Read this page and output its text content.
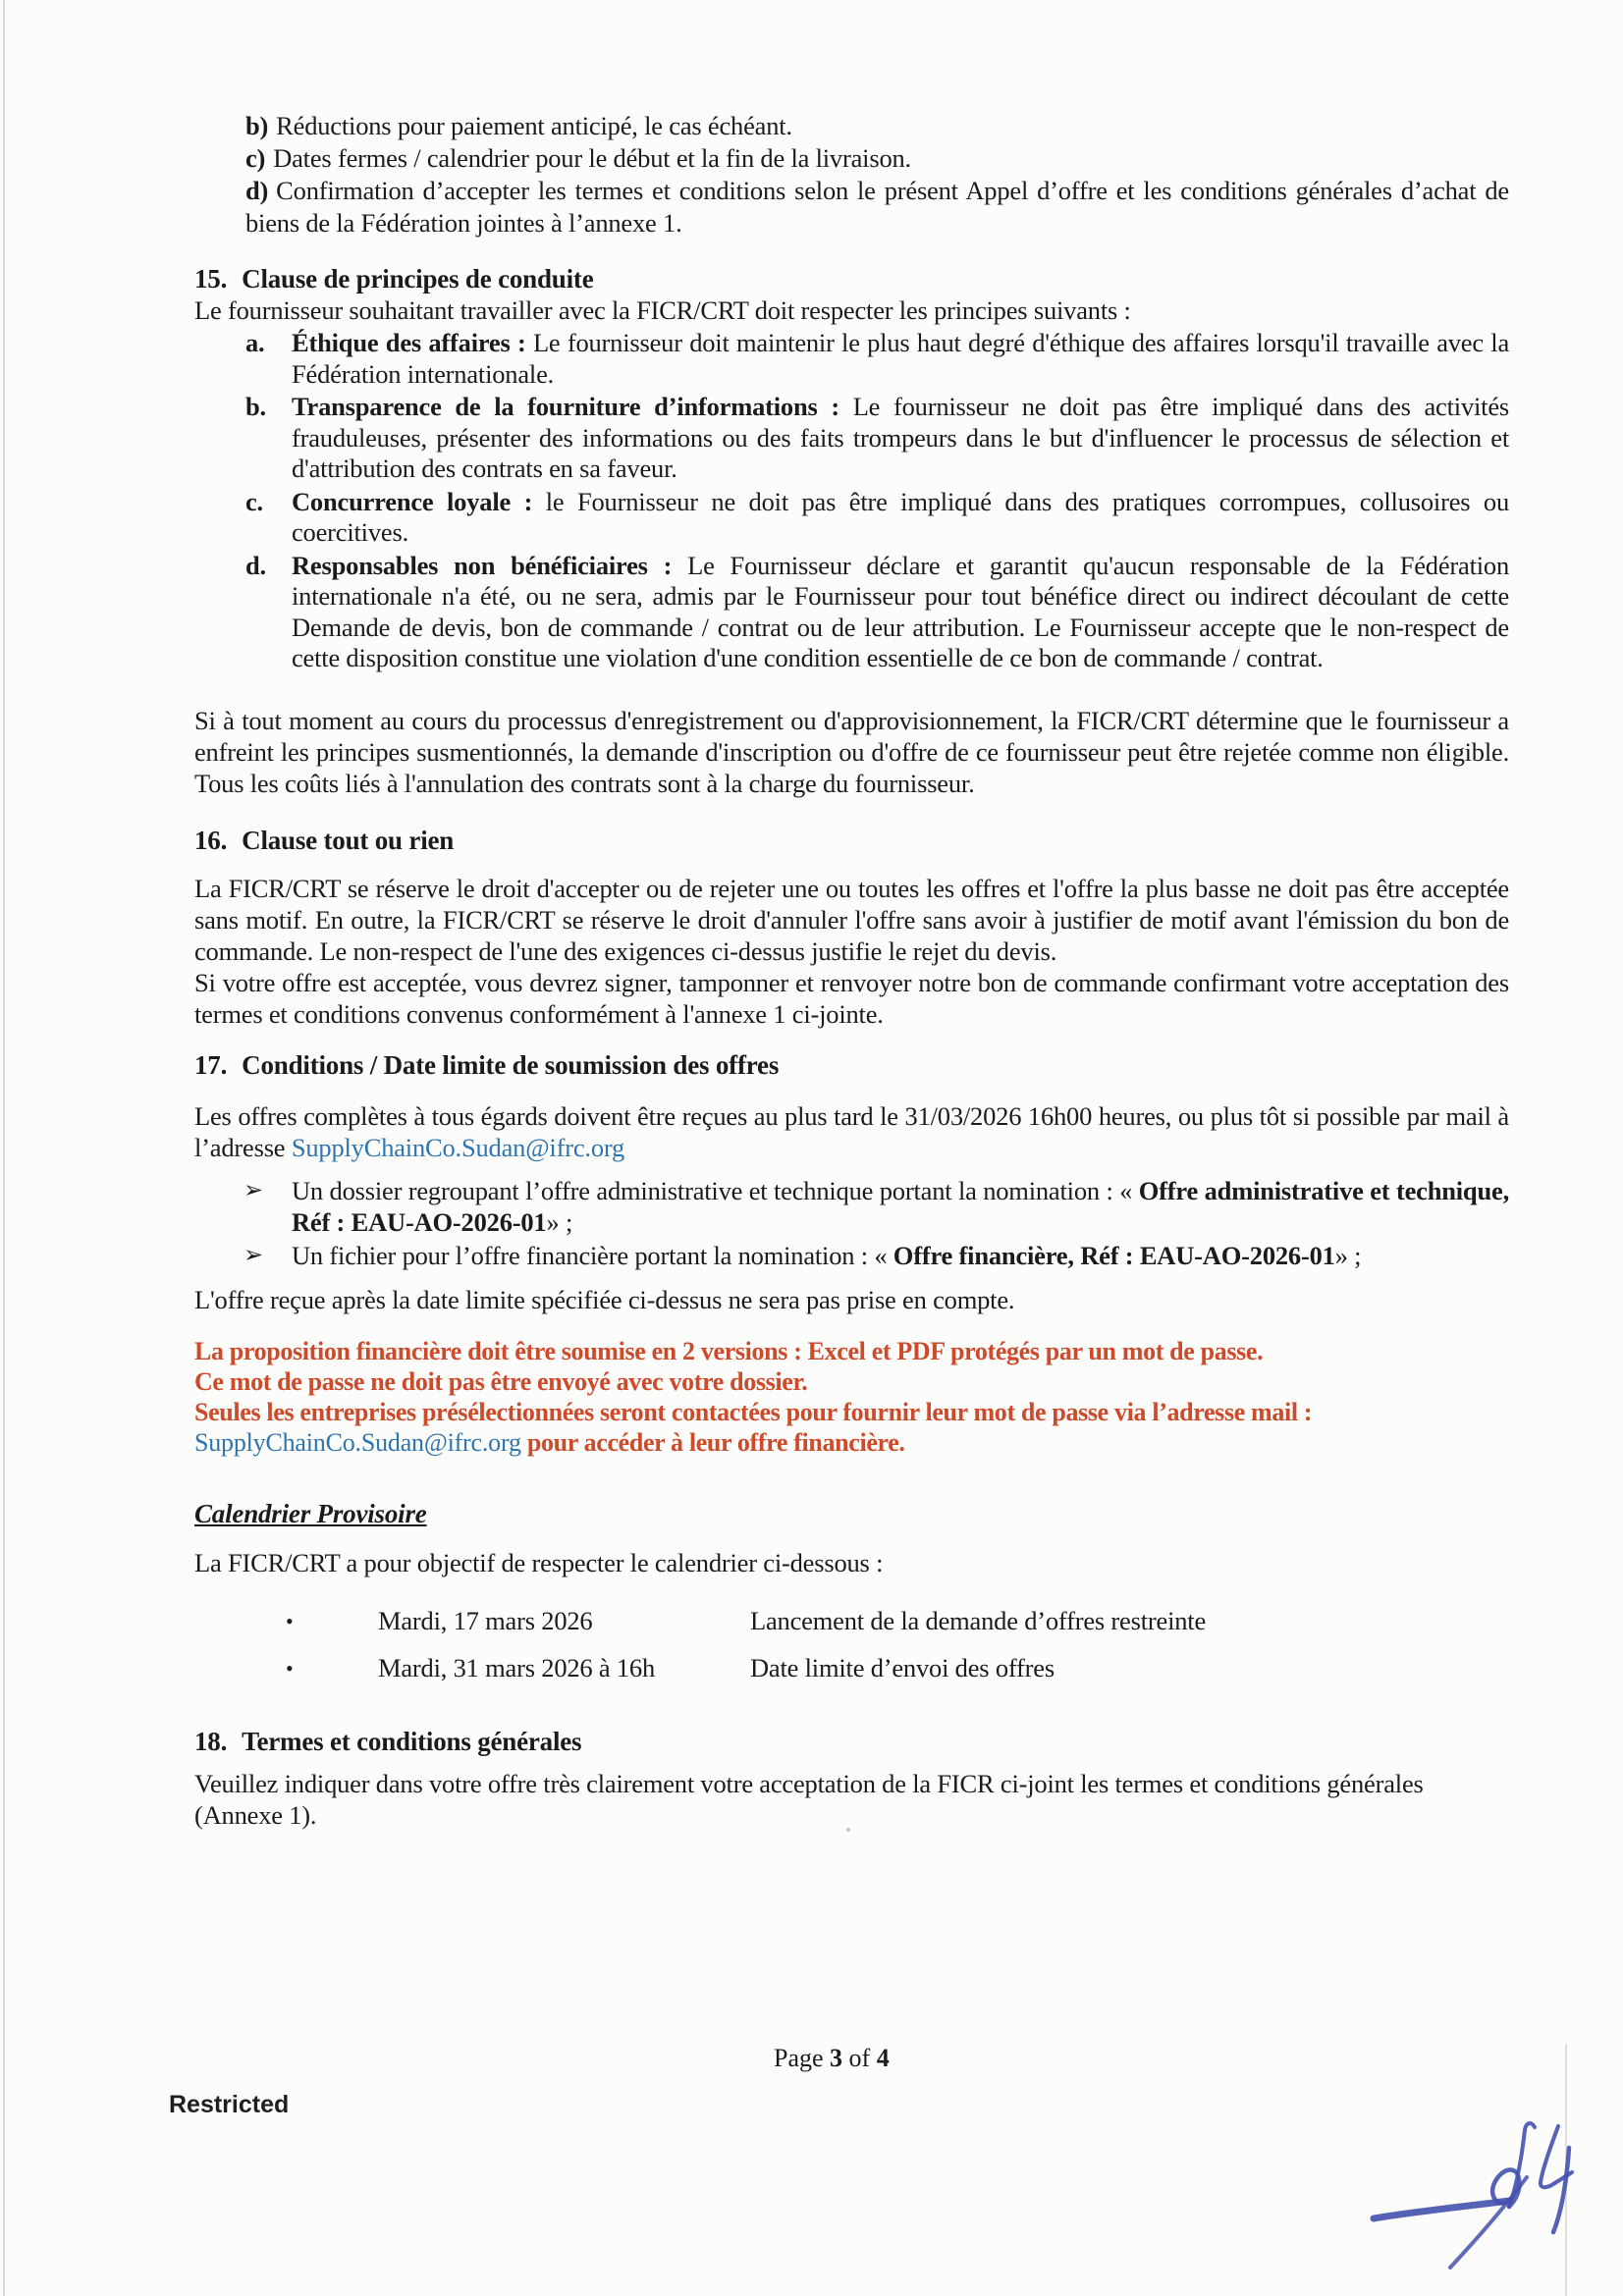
b) Réductions pour paiement anticipé, le cas échéant.
c) Dates fermes / calendrier pour le début et la fin de la livraison.
d) Confirmation d’accepter les termes et conditions selon le présent Appel d’offre et les conditions générales d’achat de biens de la Fédération jointes à l’annexe 1.
15. Clause de principes de conduite

Le fournisseur souhaitant travailler avec la FICR/CRT doit respecter les principes suivants :

a. Éthique des affaires : Le fournisseur doit maintenir le plus haut degré d'éthique des affaires lorsqu'il travaille avec la Fédération internationale.
b. Transparence de la fourniture d’informations : Le fournisseur ne doit pas être impliqué dans des activités frauduleuses, présenter des informations ou des faits trompeurs dans le but d'influencer le processus de sélection et d'attribution des contrats en sa faveur.
c. Concurrence loyale : le Fournisseur ne doit pas être impliqué dans des pratiques corrompues, collusoires ou coercitives.
d. Responsables non bénéficiaires : Le Fournisseur déclare et garantit qu'aucun responsable de la Fédération internationale n'a été, ou ne sera, admis par le Fournisseur pour tout bénéfice direct ou indirect découlant de cette Demande de devis, bon de commande / contrat ou de leur attribution. Le Fournisseur accepte que le non-respect de cette disposition constitue une violation d'une condition essentielle de ce bon de commande / contrat.

Si à tout moment au cours du processus d'enregistrement ou d'approvisionnement, la FICR/CRT détermine que le fournisseur a enfreint les principes susmentionnés, la demande d'inscription ou d'offre de ce fournisseur peut être rejetée comme non éligible. Tous les coûts liés à l'annulation des contrats sont à la charge du fournisseur.

16. Clause tout ou rien

La FICR/CRT se réserve le droit d'accepter ou de rejeter une ou toutes les offres et l'offre la plus basse ne doit pas être acceptée sans motif. En outre, la FICR/CRT se réserve le droit d'annuler l'offre sans avoir à justifier de motif avant l'émission du bon de commande. Le non-respect de l'une des exigences ci-dessus justifie le rejet du devis.

Si votre offre est acceptée, vous devrez signer, tamponner et renvoyer notre bon de commande confirmant votre acceptation des termes et conditions convenus conformément à l'annexe 1 ci-jointe.

17. Conditions / Date limite de soumission des offres

Les offres complètes à tous égards doivent être reçues au plus tard le 31/03/2026 16h00 heures, ou plus tôt si possible par mail à l’adresse SupplyChainCo.Sudan@ifrc.org

➢ Un dossier regroupant l’offre administrative et technique portant la nomination : « Offre administrative et technique, Réf : EAU-AO-2026-01» ;
➢ Un fichier pour l’offre financière portant la nomination : « Offre financière, Réf : EAU-AO-2026-01» ;

L'offre reçue après la date limite spécifiée ci-dessus ne sera pas prise en compte.

La proposition financière doit être soumise en 2 versions : Excel et PDF protégés par un mot de passe.
Ce mot de passe ne doit pas être envoyé avec votre dossier.
Seules les entreprises présélectionnées seront contactées pour fournir leur mot de passe via l’adresse mail :
SupplyChainCo.Sudan@ifrc.org pour accéder à leur offre financière.
Calendrier Provisoire

La FICR/CRT a pour objectif de respecter le calendrier ci-dessous :

•	Mardi, 17 mars 2026	Lancement de la demande d’offres restreinte
•	Mardi, 31 mars 2026 à 16h	Date limite d’envoi des offres
18. Termes et conditions générales

Veuillez indiquer dans votre offre très clairement votre acceptation de la FICR ci-joint les termes et conditions générales (Annexe 1).

Page 3 of 4
Restricted
